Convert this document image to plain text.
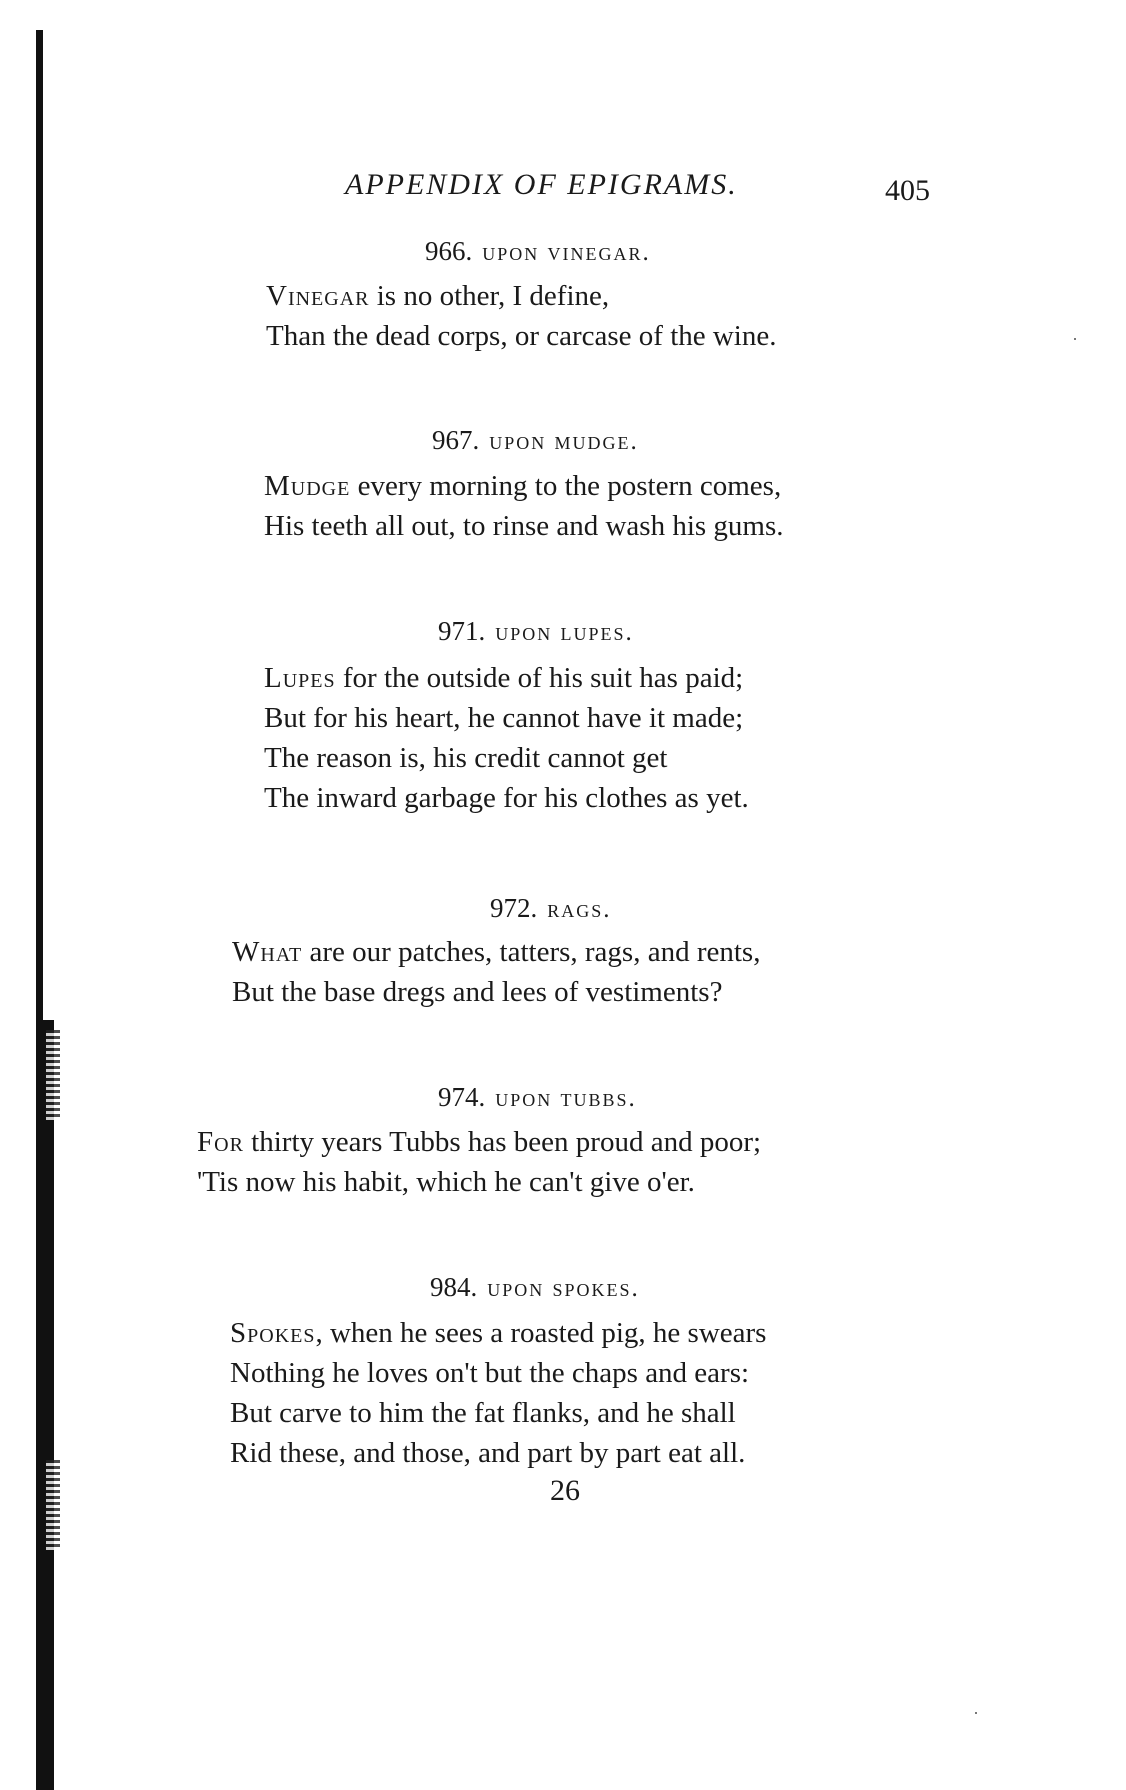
APPENDIX OF EPIGRAMS.	405
966. upon vinegar.
Vinegar is no other, I define,
Than the dead corps, or carcase of the wine.
967. upon mudge.
Mudge every morning to the postern comes,
His teeth all out, to rinse and wash his gums.
971. upon lupes.
Lupes for the outside of his suit has paid;
But for his heart, he cannot have it made;
The reason is, his credit cannot get
The inward garbage for his clothes as yet.
972. rags.
What are our patches, tatters, rags, and rents,
But the base dregs and lees of vestiments?
974. upon tubbs.
For thirty years Tubbs has been proud and poor;
'Tis now his habit, which he can't give o'er.
984. upon spokes.
Spokes, when he sees a roasted pig, he swears
Nothing he loves on't but the chaps and ears:
But carve to him the fat flanks, and he shall
Rid these, and those, and part by part eat all.
26
